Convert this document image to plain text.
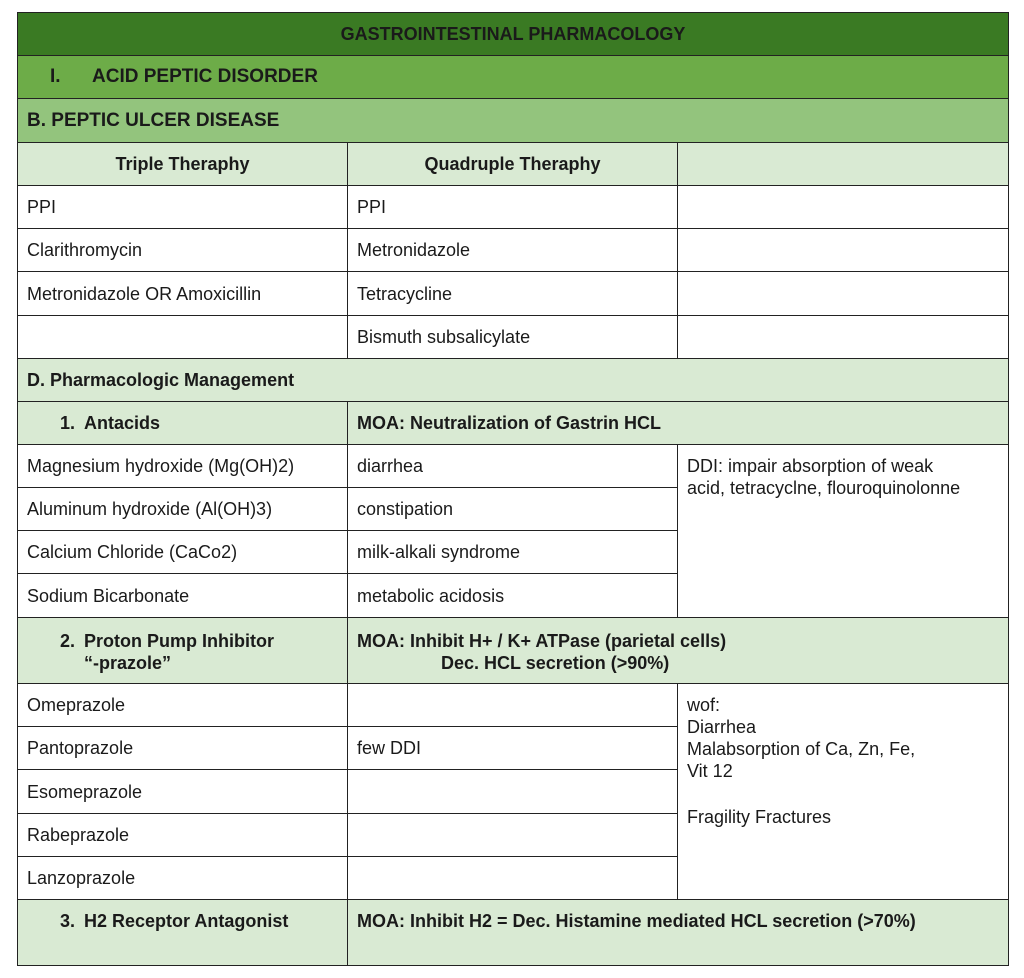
GASTROINTESTINAL PHARMACOLOGY		
I. ACID PEPTIC DISORDER		
B. PEPTIC ULCER DISEASE		
Triple Theraphy	Quadruple Theraphy	
PPI	PPI	
Clarithromycin	Metronidazole	
Metronidazole OR Amoxicillin	Tetracycline	
	Bismuth subsalicylate	
D. Pharmacologic Management		
1. Antacids	MOA: Neutralization of Gastrin HCL	
Magnesium hydroxide (Mg(OH)2)	diarrhea	DDI: impair absorption of weak
acid, tetracyclne, flouroquinolonne

Aluminum hydroxide (Al(OH)3)	constipation	
Calcium Chloride (CaCo2)	milk-alkali syndrome	
Sodium Bicarbonate	metabolic acidosis	
2. Proton Pump Inhibitor
“-prazole”	MOA: Inhibit H+ / K+ ATPase (parietal cells)
Dec. HCL secretion (>90%)	

Omeprazole		wof:
Diarrhea
Malabsorption of Ca, Zn, Fe,
Vit 12
Fragility Fractures

Pantoprazole	few DDI	
Esomeprazole		
Rabeprazole		
Lanzoprazole		
3. H2 Receptor Antagonist	MOA: Inhibit H2 = Dec. Histamine mediated HCL secretion (>70%)	
